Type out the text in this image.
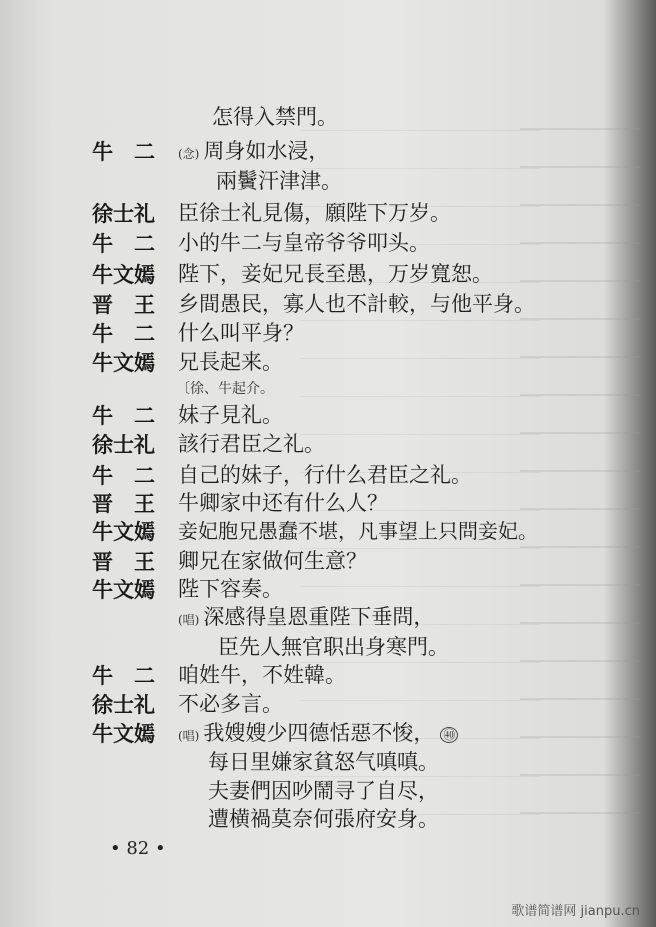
怎得入禁門。
牛　二 (念) 周身如水浸，
兩鬢汗津津。
徐士礼 臣徐士礼見傷，願陛下万岁。
牛　二 小的牛二与皇帝爷爷叩头。
牛文嫣 陛下，妾妃兄長至愚，万岁寬恕。
晋　王 乡間愚民，寡人也不計較，与他平身。
牛　二 什么叫平身？
牛文嫣 兄長起来。
〔徐、牛起介。
牛　二 妹子見礼。
徐士礼 該行君臣之礼。
牛　二 自己的妹子，行什么君臣之礼。
晋　王 牛卿家中还有什么人？
牛文嫣 妾妃胞兄愚蠢不堪，凡事望上只問妾妃。
晋　王 卿兄在家做何生意？
牛文嫣 陛下容奏。
(唱) 深感得皇恩重陛下垂問，
臣先人無官职出身寒門。
牛　二 咱姓牛，不姓韓。
徐士礼 不必多言。
牛文嫣 (唱) 我嫂嫂少四德恬惡不悛， ㊵
每日里嫌家貧怒气嗔嗔。
夫妻們因吵鬧寻了自尽，
遭横禍莫奈何張府安身。
• 82 •
歌谱简谱网 jianpu.cn
